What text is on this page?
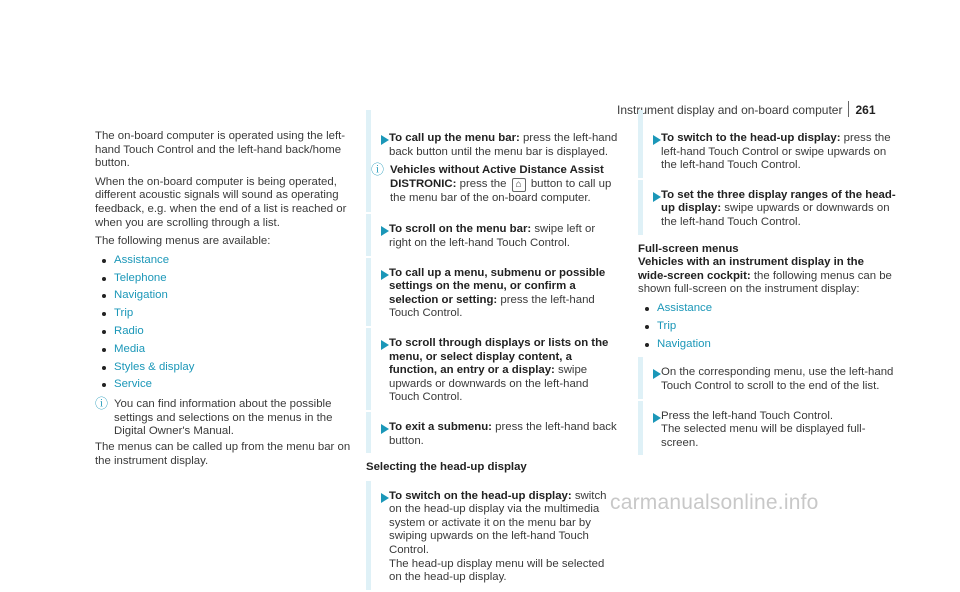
Instrument display and on-board computer 261

The on-board computer is operated using the left-hand Touch Control and the left-hand back/home button.

When the on-board computer is being operated, different acoustic signals will sound as operating feedback, e.g. when the end of a list is reached or when you are scrolling through a list.

The following menus are available:

Assistance
Telephone
Navigation
Trip
Radio
Media
Styles & display
Service
ⓘ You can find information about the possible settings and selections on the menus in the Digital Owner's Manual.

The menus can be called up from the menu bar on the instrument display.

To call up the menu bar: press the left-hand back button until the menu bar is displayed.
ⓘ Vehicles without Active Distance Assist DISTRONIC: press the ⌂ button to call up the menu bar of the on-board computer.
To scroll on the menu bar: swipe left or right on the left-hand Touch Control.
To call up a menu, submenu or possible settings on the menu, or confirm a selection or setting: press the left-hand Touch Control.
To scroll through displays or lists on the menu, or select display content, a function, an entry or a display: swipe upwards or downwards on the left-hand Touch Control.
To exit a submenu: press the left-hand back button.
Selecting the head-up display
To switch on the head-up display: switch on the head-up display via the multimedia system or activate it on the menu bar by swiping upwards on the left-hand Touch Control.
The head-up display menu will be selected on the head-up display.
To switch to the head-up display: press the left-hand Touch Control or swipe upwards on the left-hand Touch Control.
To set the three display ranges of the head-up display: swipe upwards or downwards on the left-hand Touch Control.
Full-screen menus

Vehicles with an instrument display in the wide-screen cockpit: the following menus can be shown full-screen on the instrument display:

Assistance
Trip
Navigation
On the corresponding menu, use the left-hand Touch Control to scroll to the end of the list.
Press the left-hand Touch Control.
The selected menu will be displayed full-screen.
carmanualsonline.info
